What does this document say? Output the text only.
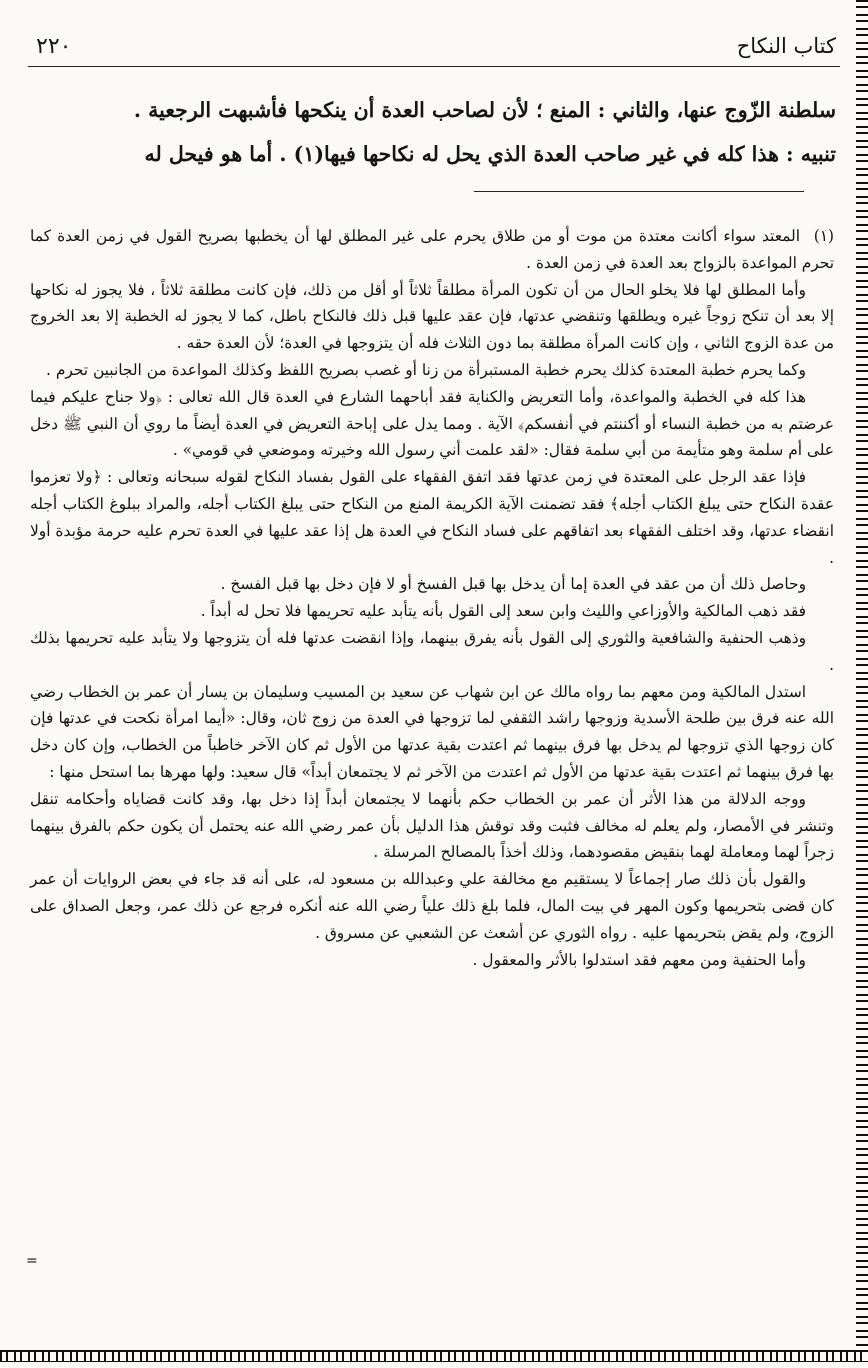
٢٢٠	كتاب النكاح

سلطنة الزّوج عنها، والثاني : المنع ؛ لأن لصاحب العدة أن ينكحها فأشبهت الرجعية .

تنبيه : هذا كله في غير صاحب العدة الذي يحل له نكاحها فيها(١) . أما هو فيحل له

(١)المعتد سواء أكانت معتدة من موت أو من طلاق يحرم على غير المطلق لها أن يخطبها بصريح القول في زمن العدة كما تحرم المواعدة بالزواج بعد العدة في زمن العدة .

وأما المطلق لها فلا يخلو الحال من أن تكون المرأة مطلقاً ثلاثاً أو أقل من ذلك، فإن كانت مطلقة ثلاثاً ، فلا يجوز له نكاحها إلا بعد أن تنكح زوجاً غيره ويطلقها وتنقضي عدتها، فإن عقد عليها قبل ذلك فالنكاح باطل، كما لا يجوز له الخطبة إلا بعد الخروج من عدة الزوج الثاني ، وإن كانت المرأة مطلقة بما دون الثلاث فله أن يتزوجها في العدة؛ لأن العدة حقه .

وكما يحرم خطبة المعتدة كذلك يحرم خطبة المستبرأة من زنا أو غصب بصريح اللفظ وكذلك المواعدة من الجانبين تحرم .

هذا كله في الخطبة والمواعدة، وأما التعريض والكناية فقد أباحهما الشارع في العدة قال الله تعالى : ﴿ولا جناح عليكم فيما عرضتم به من خطبة النساء أو أكننتم في أنفسكم﴾ الآية . ومما يدل على إباحة التعريض في العدة أيضاً ما روي أن النبي ﷺ دخل على أم سلمة وهو متأيمة من أبي سلمة فقال: «لقد علمت أني رسول الله وخيرته وموضعي في قومي» .

فإذا عقد الرجل على المعتدة في زمن عدتها فقد اتفق الفقهاء على القول بفساد النكاح لقوله سبحانه وتعالى : ﴿ولا تعزموا عقدة النكاح حتى يبلغ الكتاب أجله﴾ فقد تضمنت الآية الكريمة المنع من النكاح حتى يبلغ الكتاب أجله، والمراد ببلوغ الكتاب أجله انقضاء عدتها، وقد اختلف الفقهاء بعد اتفاقهم على فساد النكاح في العدة هل إذا عقد عليها في العدة تحرم عليه حرمة مؤبدة أولا .

وحاصل ذلك أن من عقد في العدة إما أن يدخل بها قبل الفسخ أو لا فإن دخل بها قبل الفسخ .

فقد ذهب المالكية والأوزاعي والليث وابن سعد إلى القول بأنه يتأبد عليه تحريمها فلا تحل له أبداً .

وذهب الحنفية والشافعية والثوري إلى القول بأنه يفرق بينهما، وإذا انقضت عدتها فله أن يتزوجها ولا يتأبد عليه تحريمها بذلك .

استدل المالكية ومن معهم بما رواه مالك عن ابن شهاب عن سعيد بن المسيب وسليمان بن يسار أن عمر بن الخطاب رضي الله عنه فرق بين طلحة الأسدية وزوجها راشد الثقفي لما تزوجها في العدة من زوج ثان، وقال: «أيما امرأة نكحت في عدتها فإن كان زوجها الذي تزوجها لم يدخل بها فرق بينهما ثم اعتدت بقية عدتها من الأول ثم كان الآخر خاطباً من الخطاب، وإن كان دخل بها فرق بينهما ثم اعتدت بقية عدتها من الأول ثم اعتدت من الآخر ثم لا يجتمعان أبداً» قال سعيد: ولها مهرها بما استحل منها :

ووجه الدلالة من هذا الأثر أن عمر بن الخطاب حكم بأنهما لا يجتمعان أبداً إذا دخل بها، وقد كانت قضاياه وأحكامه تنقل وتنشر في الأمصار، ولم يعلم له مخالف فثبت وقد نوقش هذا الدليل بأن عمر رضي الله عنه يحتمل أن يكون حكم بالفرق بينهما زجراً لهما ومعاملة لهما بنقيض مقصودهما، وذلك أخذاً بالمصالح المرسلة .

والقول بأن ذلك صار إجماعاً لا يستقيم مع مخالفة علي وعبدالله بن مسعود له، على أنه قد جاء في بعض الروايات أن عمر كان قضى بتحريمها وكون المهر في بيت المال، فلما بلغ ذلك علياً رضي الله عنه أنكره فرجع عن ذلك عمر، وجعل الصداق على الزوج، ولم يقض بتحريمها عليه . رواه الثوري عن أشعث عن الشعبي عن مسروق .

وأما الحنفية ومن معهم فقد استدلوا بالأثر والمعقول .

=
